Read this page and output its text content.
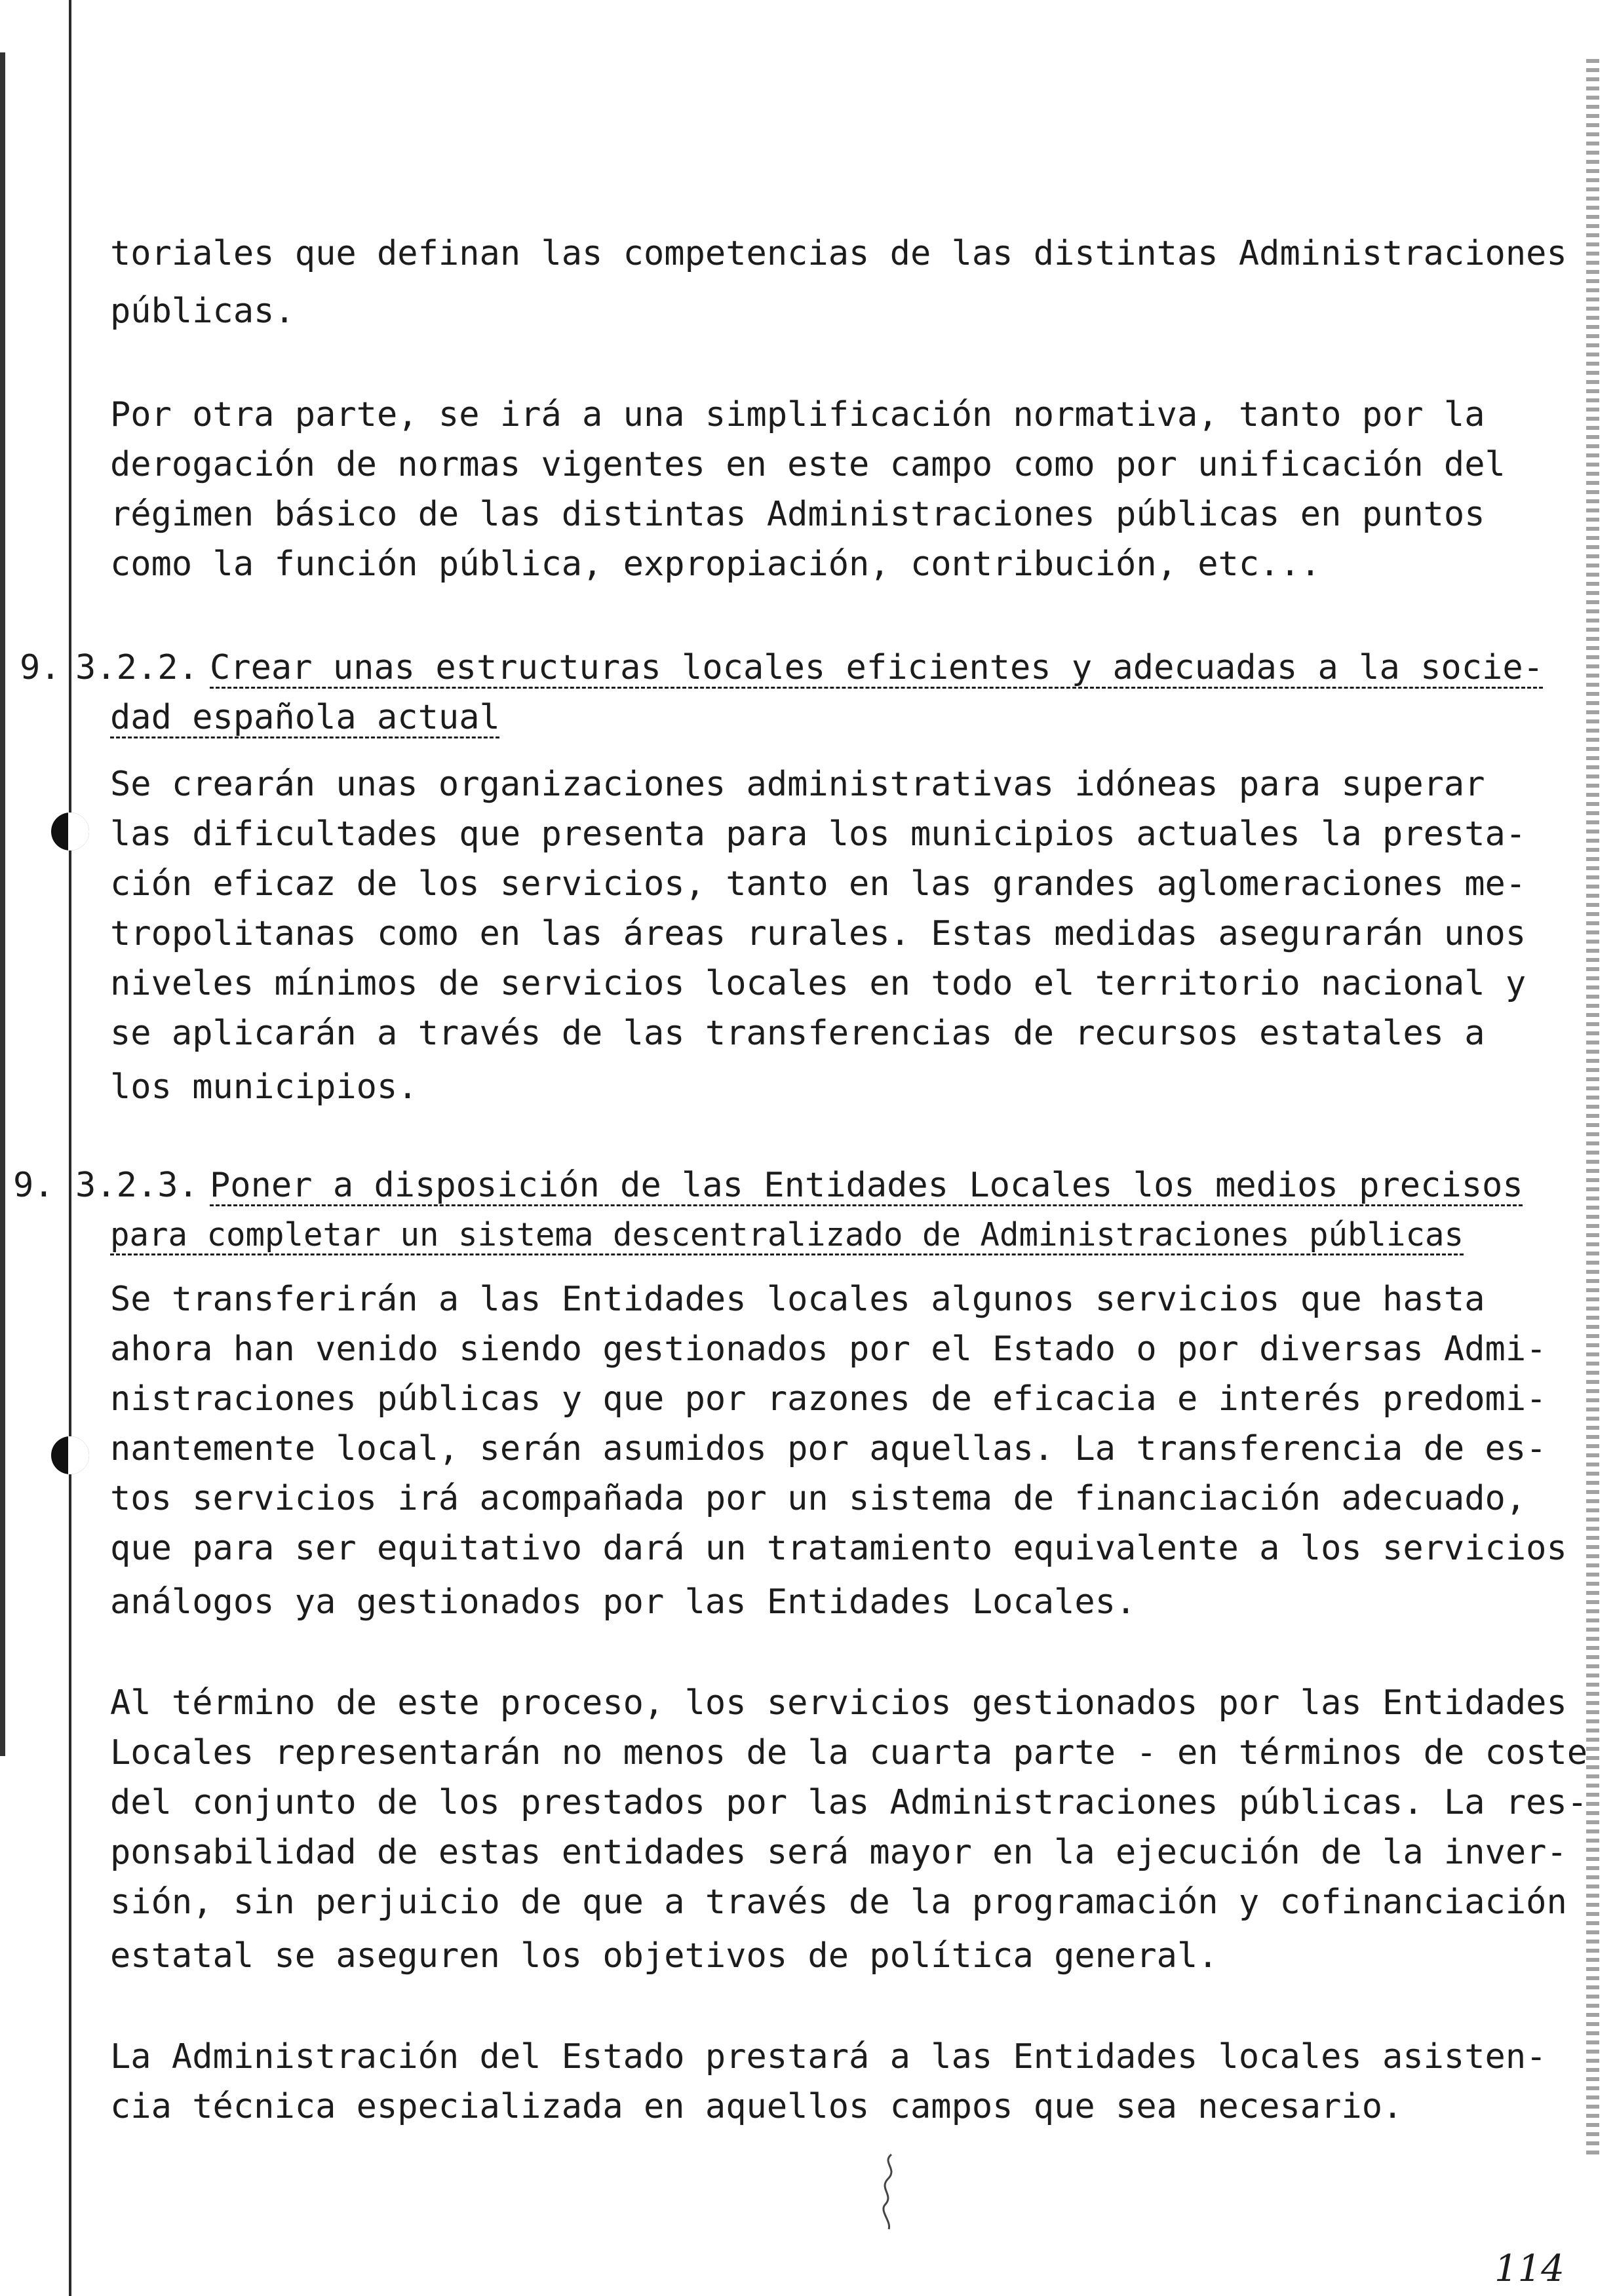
toriales que definan las competencias de las distintas Administraciones

públicas.

Por otra parte, se irá a una simplificación normativa, tanto por la

derogación de normas vigentes en este campo como por unificación del

régimen básico de las distintas Administraciones públicas en puntos

como la función pública, expropiación, contribución, etc...

9. 3.2.2. Crear unas estructuras locales eficientes y adecuadas a la socie-

dad española actual

Se crearán unas organizaciones administrativas idóneas para superar

las dificultades que presenta para los municipios actuales la presta-

ción eficaz de los servicios, tanto en las grandes aglomeraciones me-

tropolitanas como en las áreas rurales. Estas medidas asegurarán unos

niveles mínimos de servicios locales en todo el territorio nacional y

se aplicarán a través de las transferencias de recursos estatales a

los municipios.

9. 3.2.3. Poner a disposición de las Entidades Locales los medios precisos

para completar un sistema descentralizado de Administraciones públicas

Se transferirán a las Entidades locales algunos servicios que hasta

ahora han venido siendo gestionados por el Estado o por diversas Admi-

nistraciones públicas y que por razones de eficacia e interés predomi-

nantemente local, serán asumidos por aquellas. La transferencia de es-

tos servicios irá acompañada por un sistema de financiación adecuado,

que para ser equitativo dará un tratamiento equivalente a los servicios

análogos ya gestionados por las Entidades Locales.

Al término de este proceso, los servicios gestionados por las Entidades

Locales representarán no menos de la cuarta parte - en términos de coste

del conjunto de los prestados por las Administraciones públicas. La res-

ponsabilidad de estas entidades será mayor en la ejecución de la inver-

sión, sin perjuicio de que a través de la programación y cofinanciación

estatal se aseguren los objetivos de política general.

La Administración del Estado prestará a las Entidades locales asisten-

cia técnica especializada en aquellos campos que sea necesario.

114
